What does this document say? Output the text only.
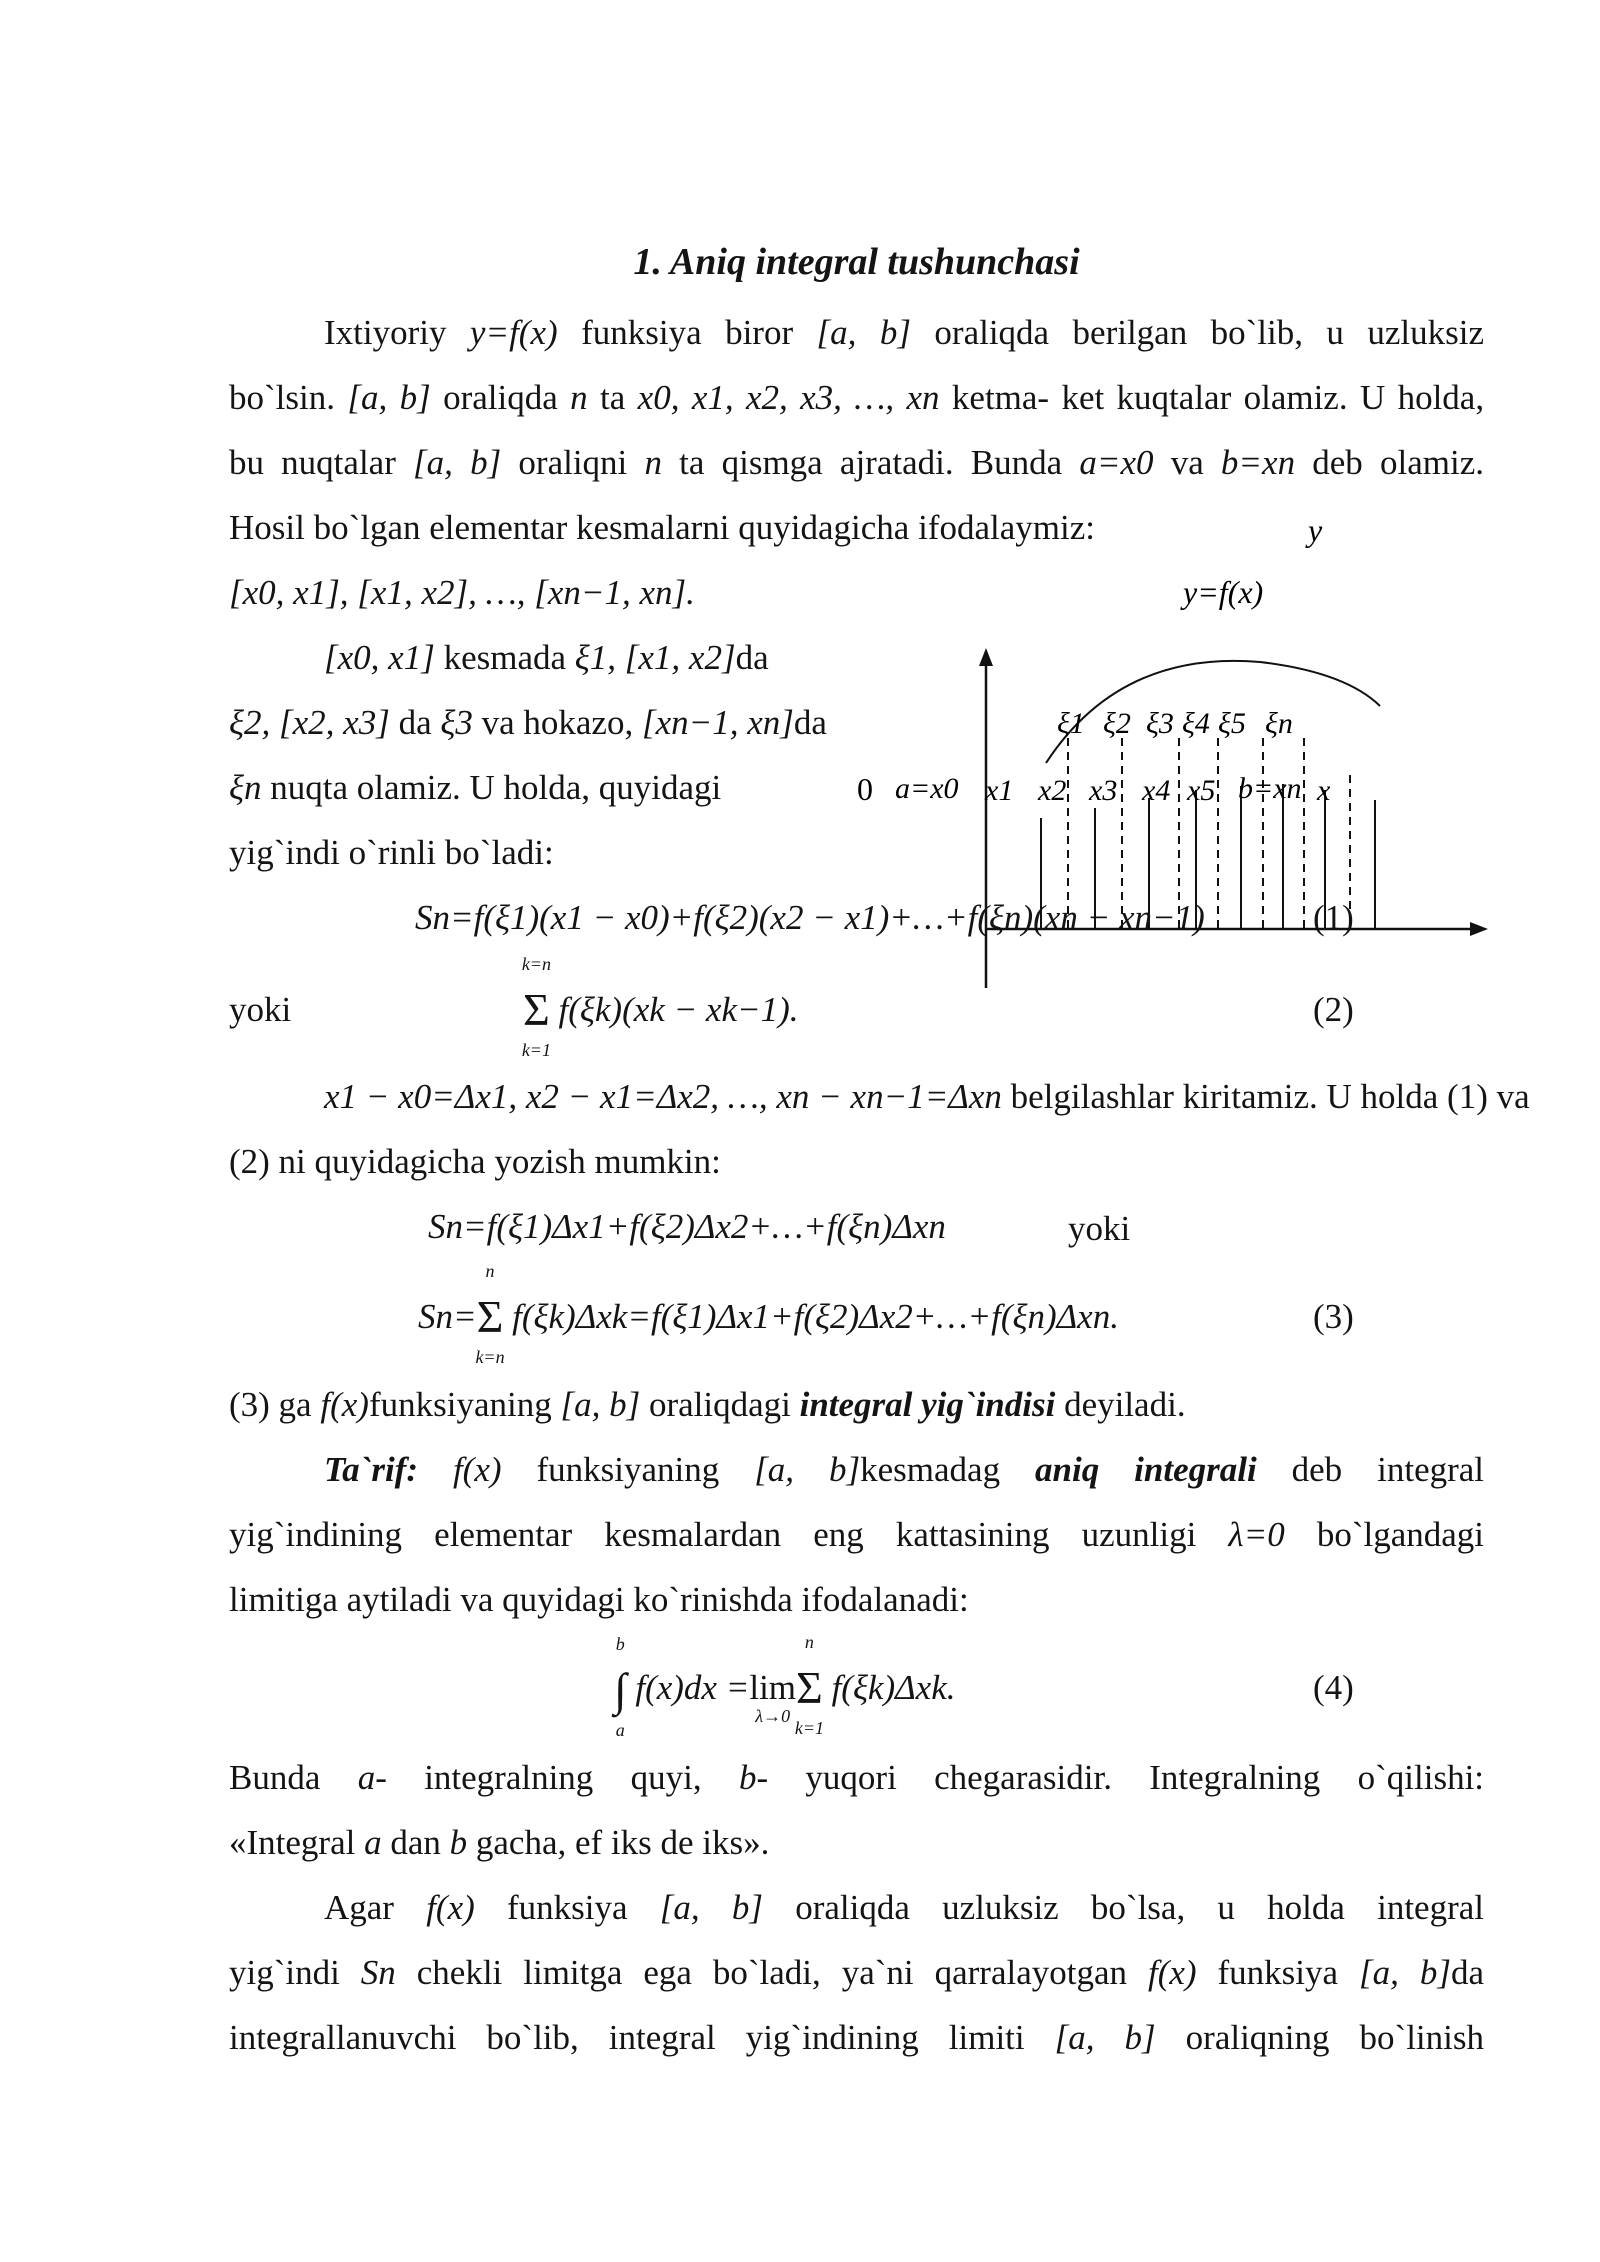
1. Aniq integral tushunchasi
Ixtiyoriy y=f(x) funksiya biror [a, b] oraliqda berilgan bo`lib, u uzluksiz
bo`lsin. [a, b] oraliqda n ta x0, x1, x2, x3, …, xn ketma- ket kuqtalar olamiz. U holda,
bu nuqtalar [a, b] oraliqni n ta qismga ajratadi. Bunda a=x0 va b=xn deb olamiz.
Hosil bo`lgan elementar kesmalarni quyidagicha ifodalaymiz:
[x0, x1], [x1, x2], …, [xn−1, xn].
[x0, x1] kesmada ξ1, [x1, x2]da
ξ2, [x2, x3] da ξ3 va hokazo, [xn−1, xn]da
ξn nuqta olamiz. U holda, quyidagi
yig`indi o`rinli bo`ladi:
Sn=f(ξ1)(x1 − x0)+f(ξ2)(x2 − x1)+…+f(ξn)(xn − xn−1)	(1)
yoki	Σ
k=n
k=1
f(ξk)(xk − xk−1).	(2)
x1 − x0=Δx1, x2 − x1=Δx2, …, xn − xn−1=Δxn belgilashlar kiritamiz. U holda (1) va
(2) ni quyidagicha yozish mumkin:
Sn=f(ξ1)Δx1+f(ξ2)Δx2+…+f(ξn)Δxn	yoki
Sn=Σ
n
k=n
f(ξk)Δxk=f(ξ1)Δx1+f(ξ2)Δx2+…+f(ξn)Δxn.	(3)
(3) ga f(x)funksiyaning [a, b] oraliqdagi integral yig`indisi deyiladi.
Ta`rif: f(x) funksiyaning [a, b]kesmadag aniq integrali deb integral
yig`indining elementar kesmalardan eng kattasining uzunligi λ=0 bo`lgandagi
limitiga aytiladi va quyidagi ko`rinishda ifodalanadi:
∫
b
a
f(x)dx =lim
λ→0
Σ
n
k=1
f(ξk)Δxk.	(4)
Bunda a- integralning quyi, b- yuqori chegarasidir. Integralning o`qilishi:
«Integral a dan b gacha, ef iks de iks».
Agar f(x) funksiya [a, b] oraliqda uzluksiz bo`lsa, u holda integral
yig`indi Sn chekli limitga ega bo`ladi, ya`ni qarralayotgan f(x) funksiya [a, b]da
integrallanuvchi bo`lib, integral yig`indining limiti [a, b] oraliqning bo`linish
y
y=f(x)
0
ξ1 ξ2 ξ3 ξ4 ξ5 ξn
a=x0 x1 x2 x3 x4 x5 b=xn x
